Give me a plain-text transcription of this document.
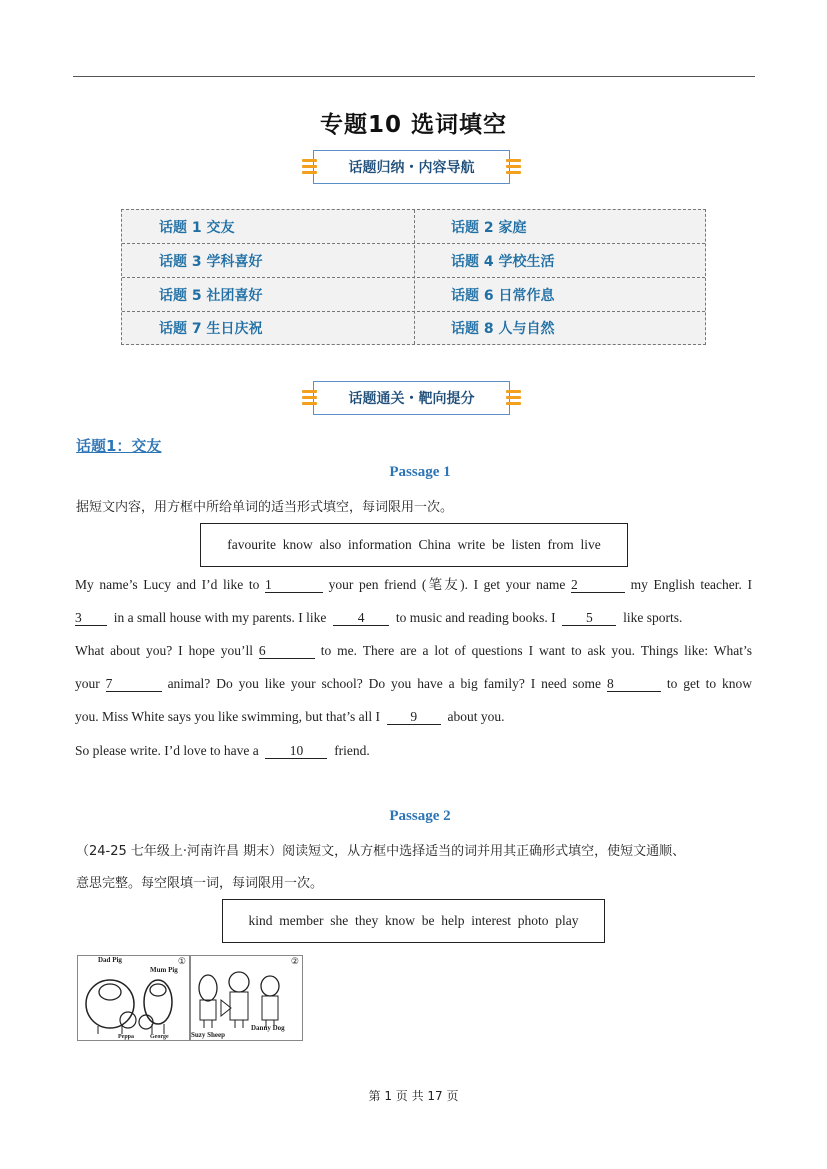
专题10 选词填空
话题归纳・内容导航
话题 1 交友	话题 2 家庭
话题 3 学科喜好	话题 4 学校生活
话题 5 社团喜好	话题 6 日常作息
话题 7 生日庆祝	话题 8 人与自然
话题通关・靶向提分
话题1：交友
Passage 1
据短文内容，用方框中所给单词的适当形式填空，每词限用一次。
favourite  know  also  information  China  write  be  listen  from  live
My name’s Lucy and I’d like to 1	your pen friend (笔友). I get your name 2	my English teacher. I
3 in a small house with my parents. I like 4 to music and reading books. I 5 like sports.
What about you? I hope you’ll 6	to me. There are a lot of questions I want to ask you. Things like: What’s
your 7	animal? Do you like your school? Do you have a big family? I need some 8	to get to know
you. Miss White says you like swimming, but that’s all I 9 about you.
So please write. I’d love to have a 10 friend.
Passage 2
（24-25 七年级上·河南许昌 期末）阅读短文，从方框中选择适当的词并用其正确形式填空，使短文通顺、
意思完整。每空限填一词，每词限用一次。
kind  member  she  they  know  be  help  interest  photo  play
①
Dad Pig
Mum Pig
Peppa	George
②
Suzy Sheep
Danny Dog
第 1 页 共 17 页
